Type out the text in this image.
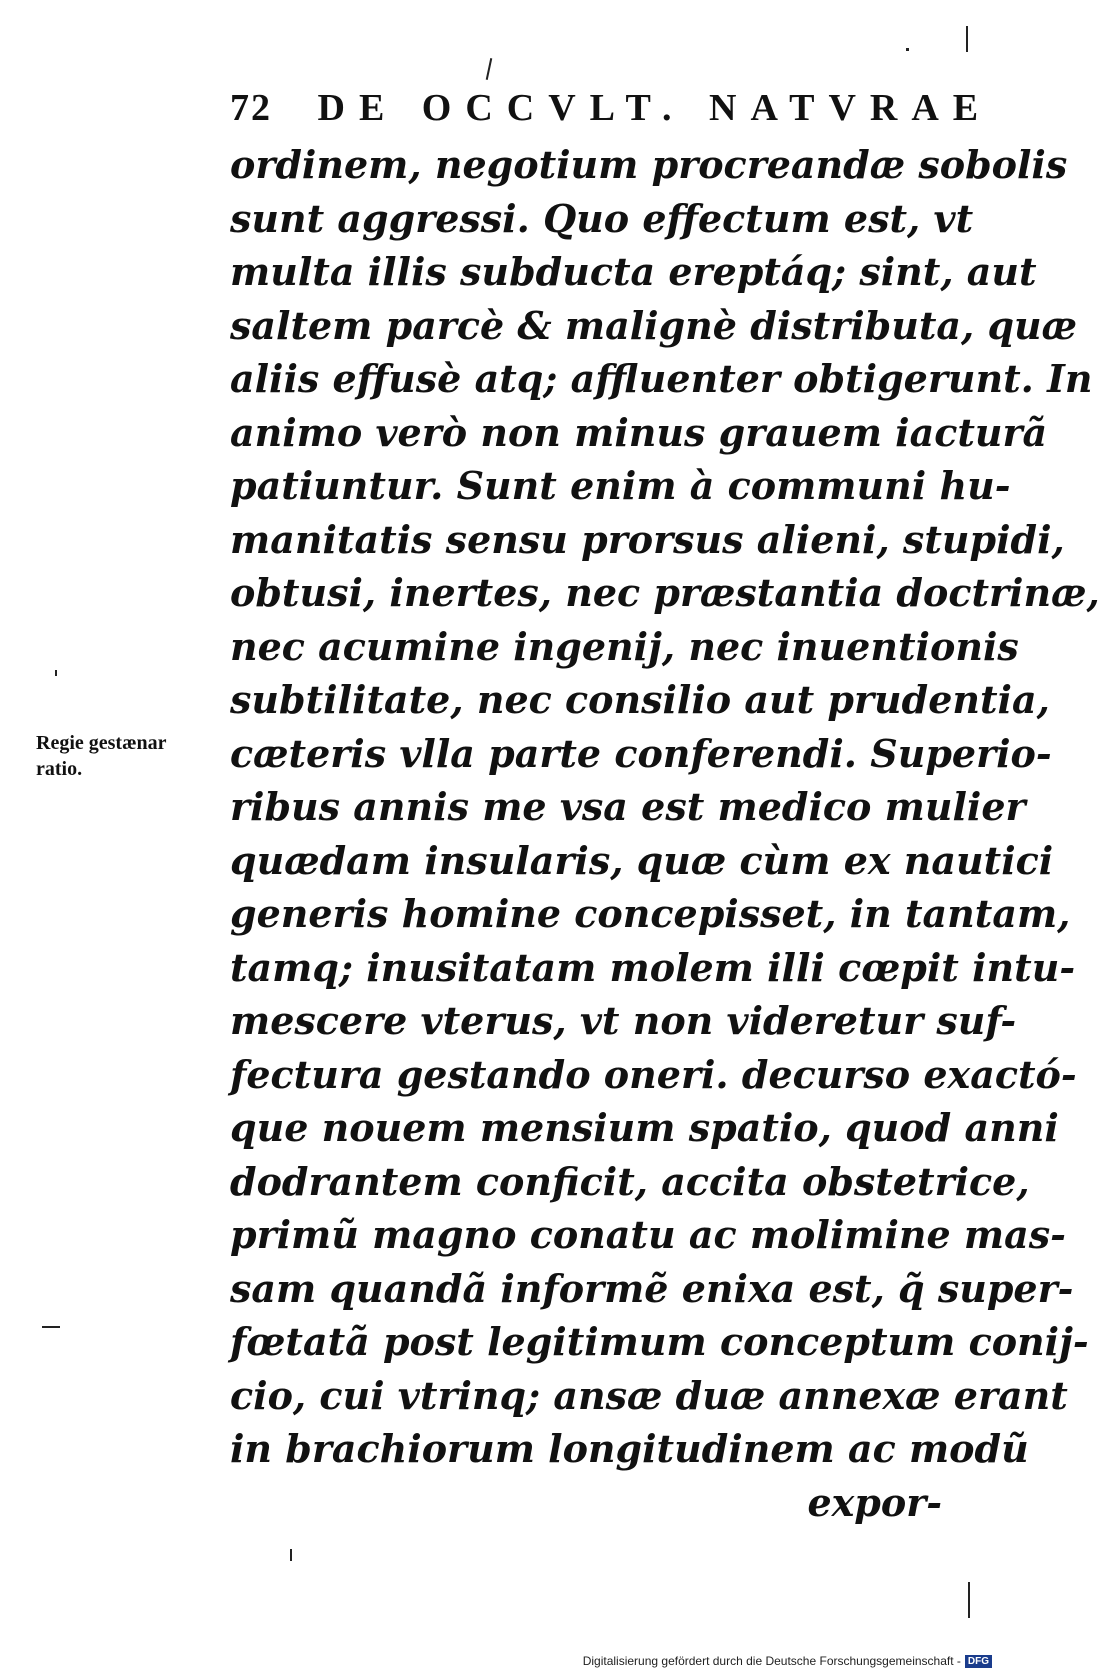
72 DE OCCVLT. NATVRAE
Regie gestænar
ratio.
ordinem, negotium procreandæ sobolis
sunt aggressi. Quo effectum est, vt
multa illis subducta ereptáq; sint, aut
saltem parcè & malignè distributa, quæ
aliis effusè atq; affluenter obtigerunt. In
animo verò non minus grauem iacturã
patiuntur. Sunt enim à communi hu-
manitatis sensu prorsus alieni, stupidi,
obtusi, inertes, nec præstantia doctrinæ,
nec acumine ingenij, nec inuentionis
subtilitate, nec consilio aut prudentia,
cæteris vlla parte conferendi. Superio-
ribus annis me vsa est medico mulier
quædam insularis, quæ cùm ex nautici
generis homine concepisset, in tantam,
tamq; inusitatam molem illi cœpit intu-
mescere vterus, vt non videretur suf-
fectura gestando oneri. decurso exactó-
que nouem mensium spatio, quod anni
dodrantem conficit, accita obstetrice,
primũ magno conatu ac molimine mas-
sam quandã informẽ enixa est, q̃ super-
fœtatã post legitimum conceptum conij-
cio, cui vtrinq; ansæ duæ annexæ erant
in brachiorum longitudinem ac modũ
expor-
Digitalisierung gefördert durch die Deutsche Forschungsgemeinschaft - DFG
